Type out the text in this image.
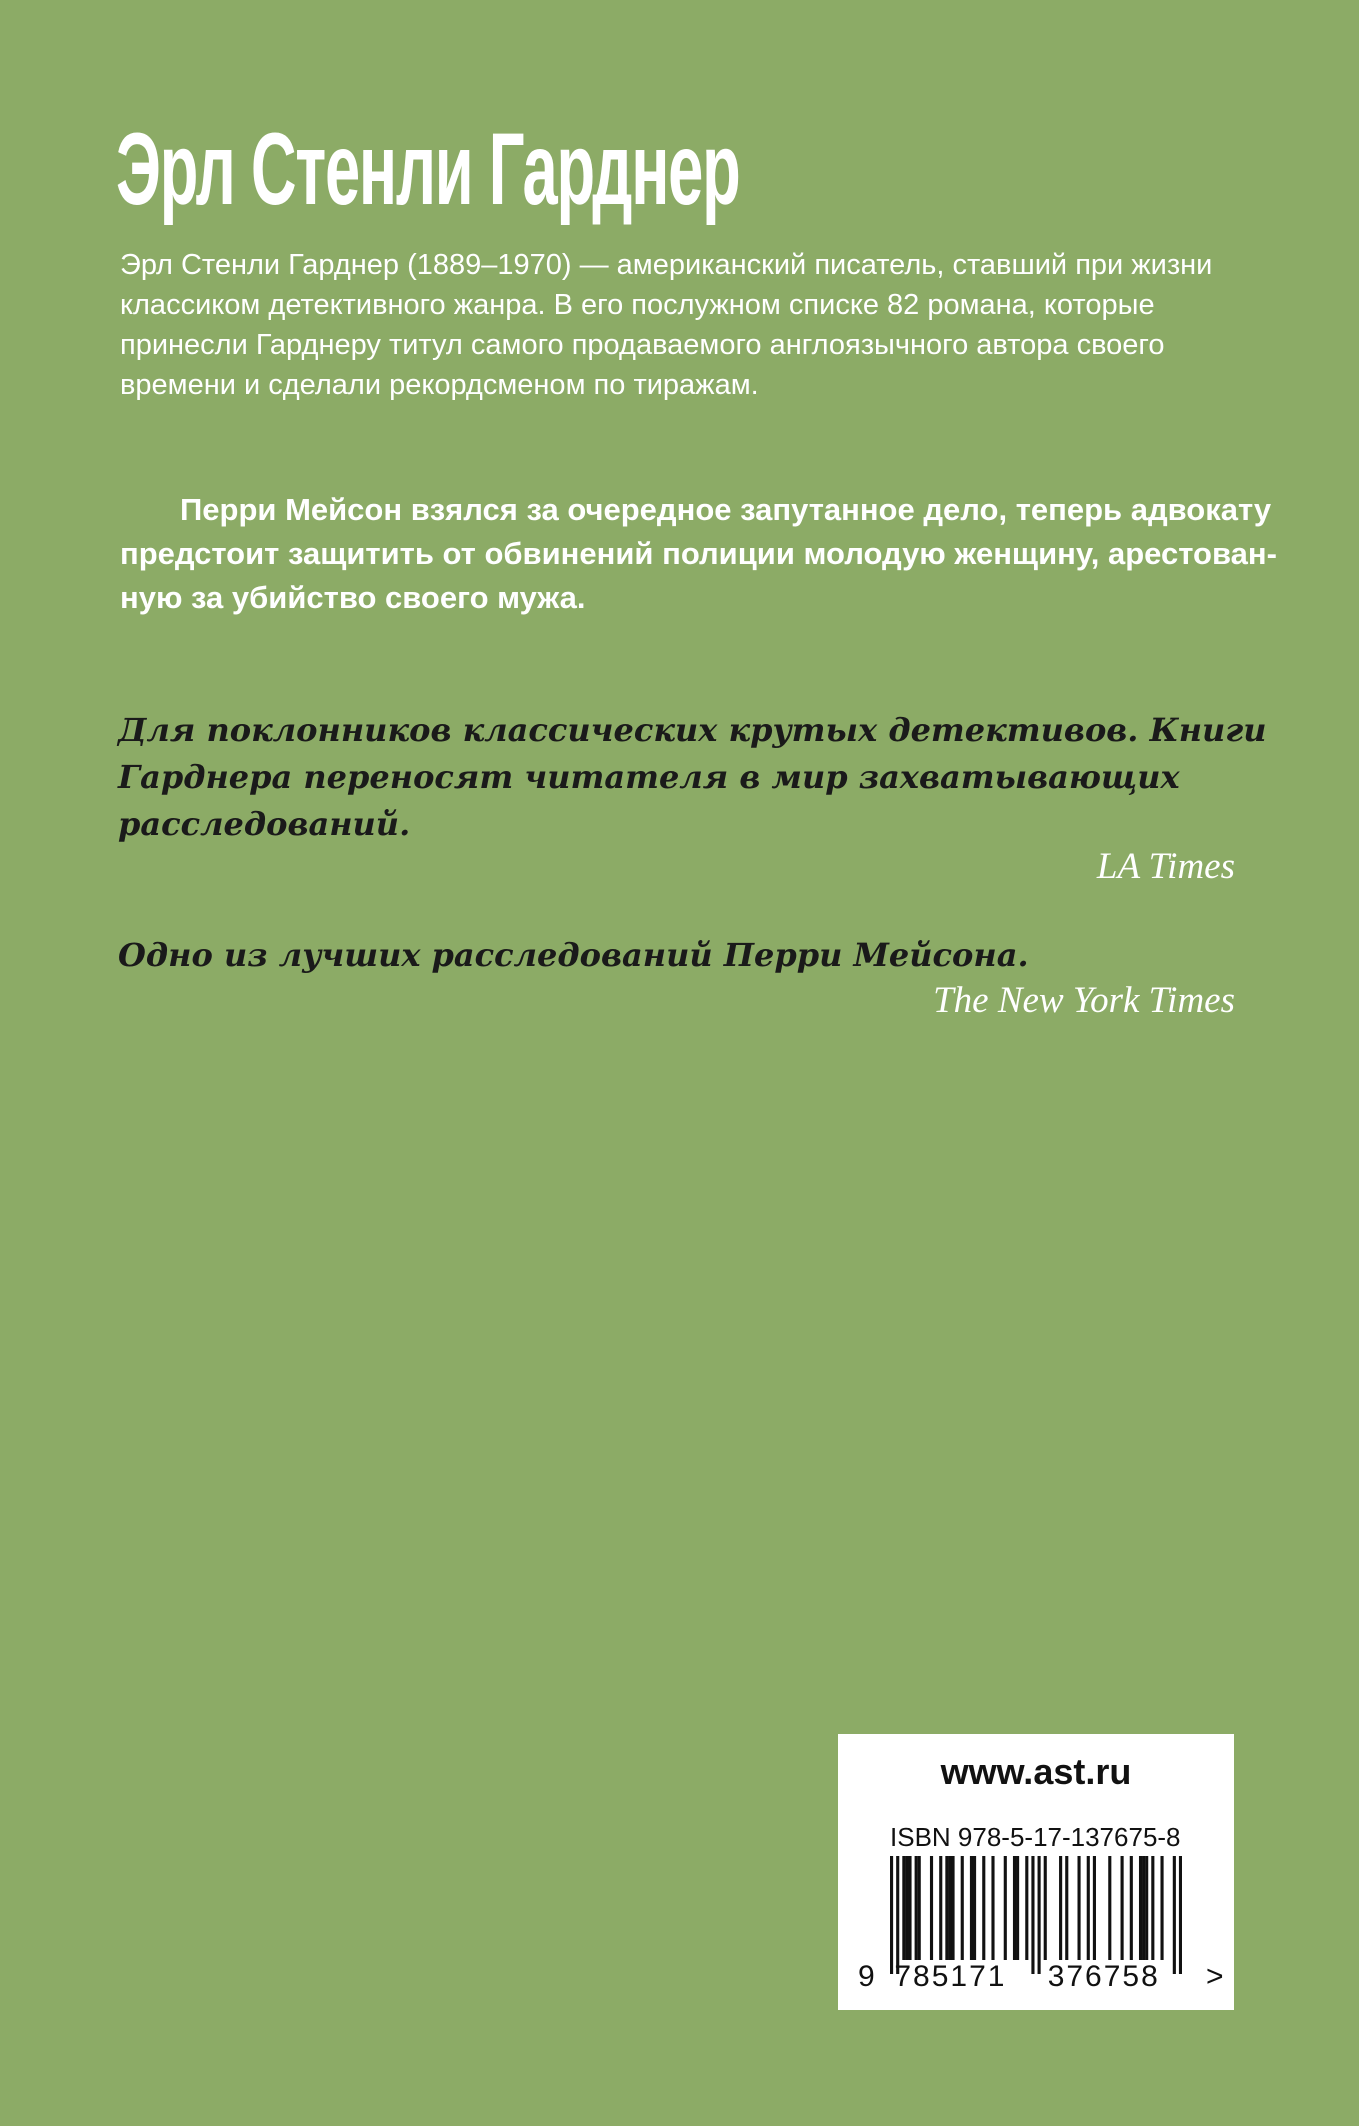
Эрл Стенли Гарднер

Эрл Стенли Гарднер (1889–1970) — американский писатель, ставший при жизни
классиком детективного жанра. В его послужном списке 82 романа, которые
принесли Гарднеру титул самого продаваемого англоязычного автора своего
времени и сделали рекордсменом по тиражам.

Перри Мейсон взялся за очередное запутанное дело, теперь адвокату
предстоит защитить от обвинений полиции молодую женщину, арестован-
ную за убийство своего мужа.

Для поклонников классических крутых детективов. Книги
Гарднера переносят читателя в мир захватывающих
расследований.

LA Times

Одно из лучших расследований Перри Мейсона.

The New York Times

www.ast.ru
ISBN 978-5-17-137675-8
9 785171 376758 >
